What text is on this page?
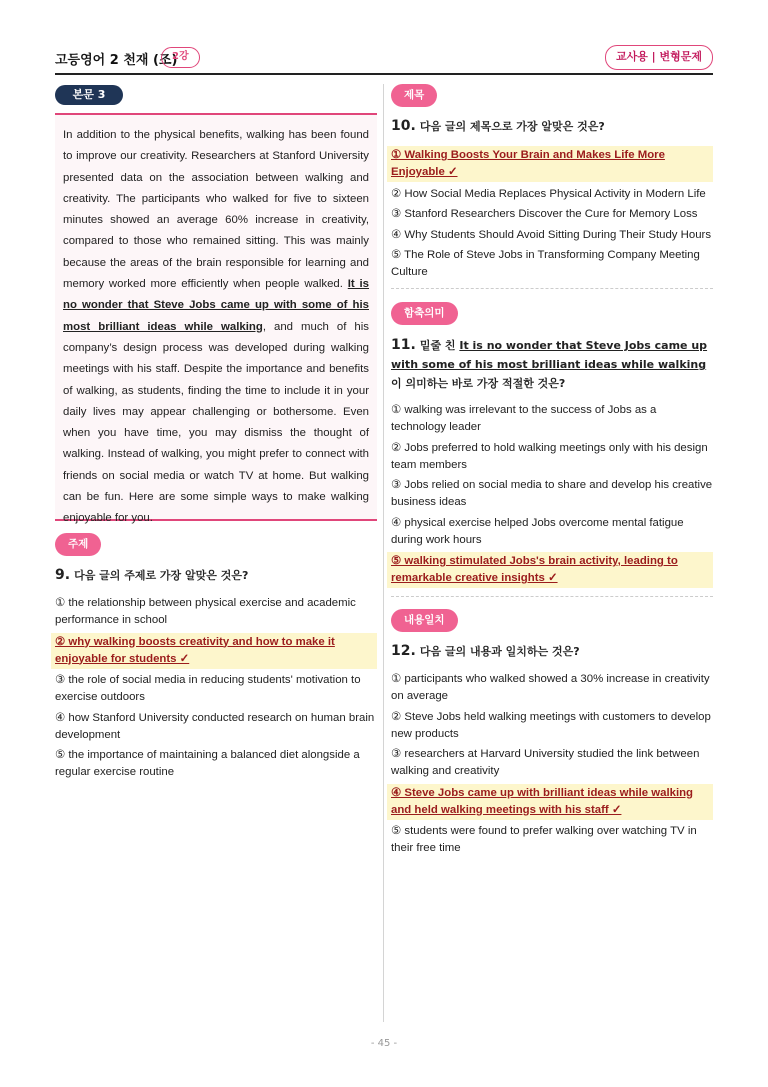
고등영어 2 천재 (조)
2강	교사용 | 변형문제
본문 3

In addition to the physical benefits, walking has been found to improve our creativity. Researchers at Stanford University presented data on the association between walking and creativity. The participants who walked for five to sixteen minutes showed an average 60% increase in creativity, compared to those who remained sitting. This was mainly because the areas of the brain responsible for learning and memory worked more efficiently when people walked. It is no wonder that Steve Jobs came up with some of his most brilliant ideas while walking, and much of his company’s design process was developed during walking meetings with his staff. Despite the importance and benefits of walking, as students, finding the time to include it in your daily lives may appear challenging or bothersome. Even when you have time, you may dismiss the thought of walking. Instead of walking, you might prefer to connect with friends on social media or watch TV at home. But walking can be fun. Here are some simple ways to make walking enjoyable for you.

주제
9. 다음 글의 주제로 가장 알맞은 것은?
① the relationship between physical exercise and academic performance in school
② why walking boosts creativity and how to make it enjoyable for students ✓
③ the role of social media in reducing students' motivation to exercise outdoors
④ how Stanford University conducted research on human brain development
⑤ the importance of maintaining a balanced diet alongside a regular exercise routine
제목
10. 다음 글의 제목으로 가장 알맞은 것은?
① Walking Boosts Your Brain and Makes Life More Enjoyable ✓
② How Social Media Replaces Physical Activity in Modern Life
③ Stanford Researchers Discover the Cure for Memory Loss
④ Why Students Should Avoid Sitting During Their Study Hours
⑤ The Role of Steve Jobs in Transforming Company Meeting Culture
함축의미
11. 밑줄 친 It is no wonder that Steve Jobs came up with some of his most brilliant ideas while walking이 의미하는 바로 가장 적절한 것은?
① walking was irrelevant to the success of Jobs as a technology leader
② Jobs preferred to hold walking meetings only with his design team members
③ Jobs relied on social media to share and develop his creative business ideas
④ physical exercise helped Jobs overcome mental fatigue during work hours
⑤ walking stimulated Jobs's brain activity, leading to remarkable creative insights ✓
내용일치
12. 다음 글의 내용과 일치하는 것은?
① participants who walked showed a 30% increase in creativity on average
② Steve Jobs held walking meetings with customers to develop new products
③ researchers at Harvard University studied the link between walking and creativity
④ Steve Jobs came up with brilliant ideas while walking and held walking meetings with his staff ✓
⑤ students were found to prefer walking over watching TV in their free time
- 45 -
